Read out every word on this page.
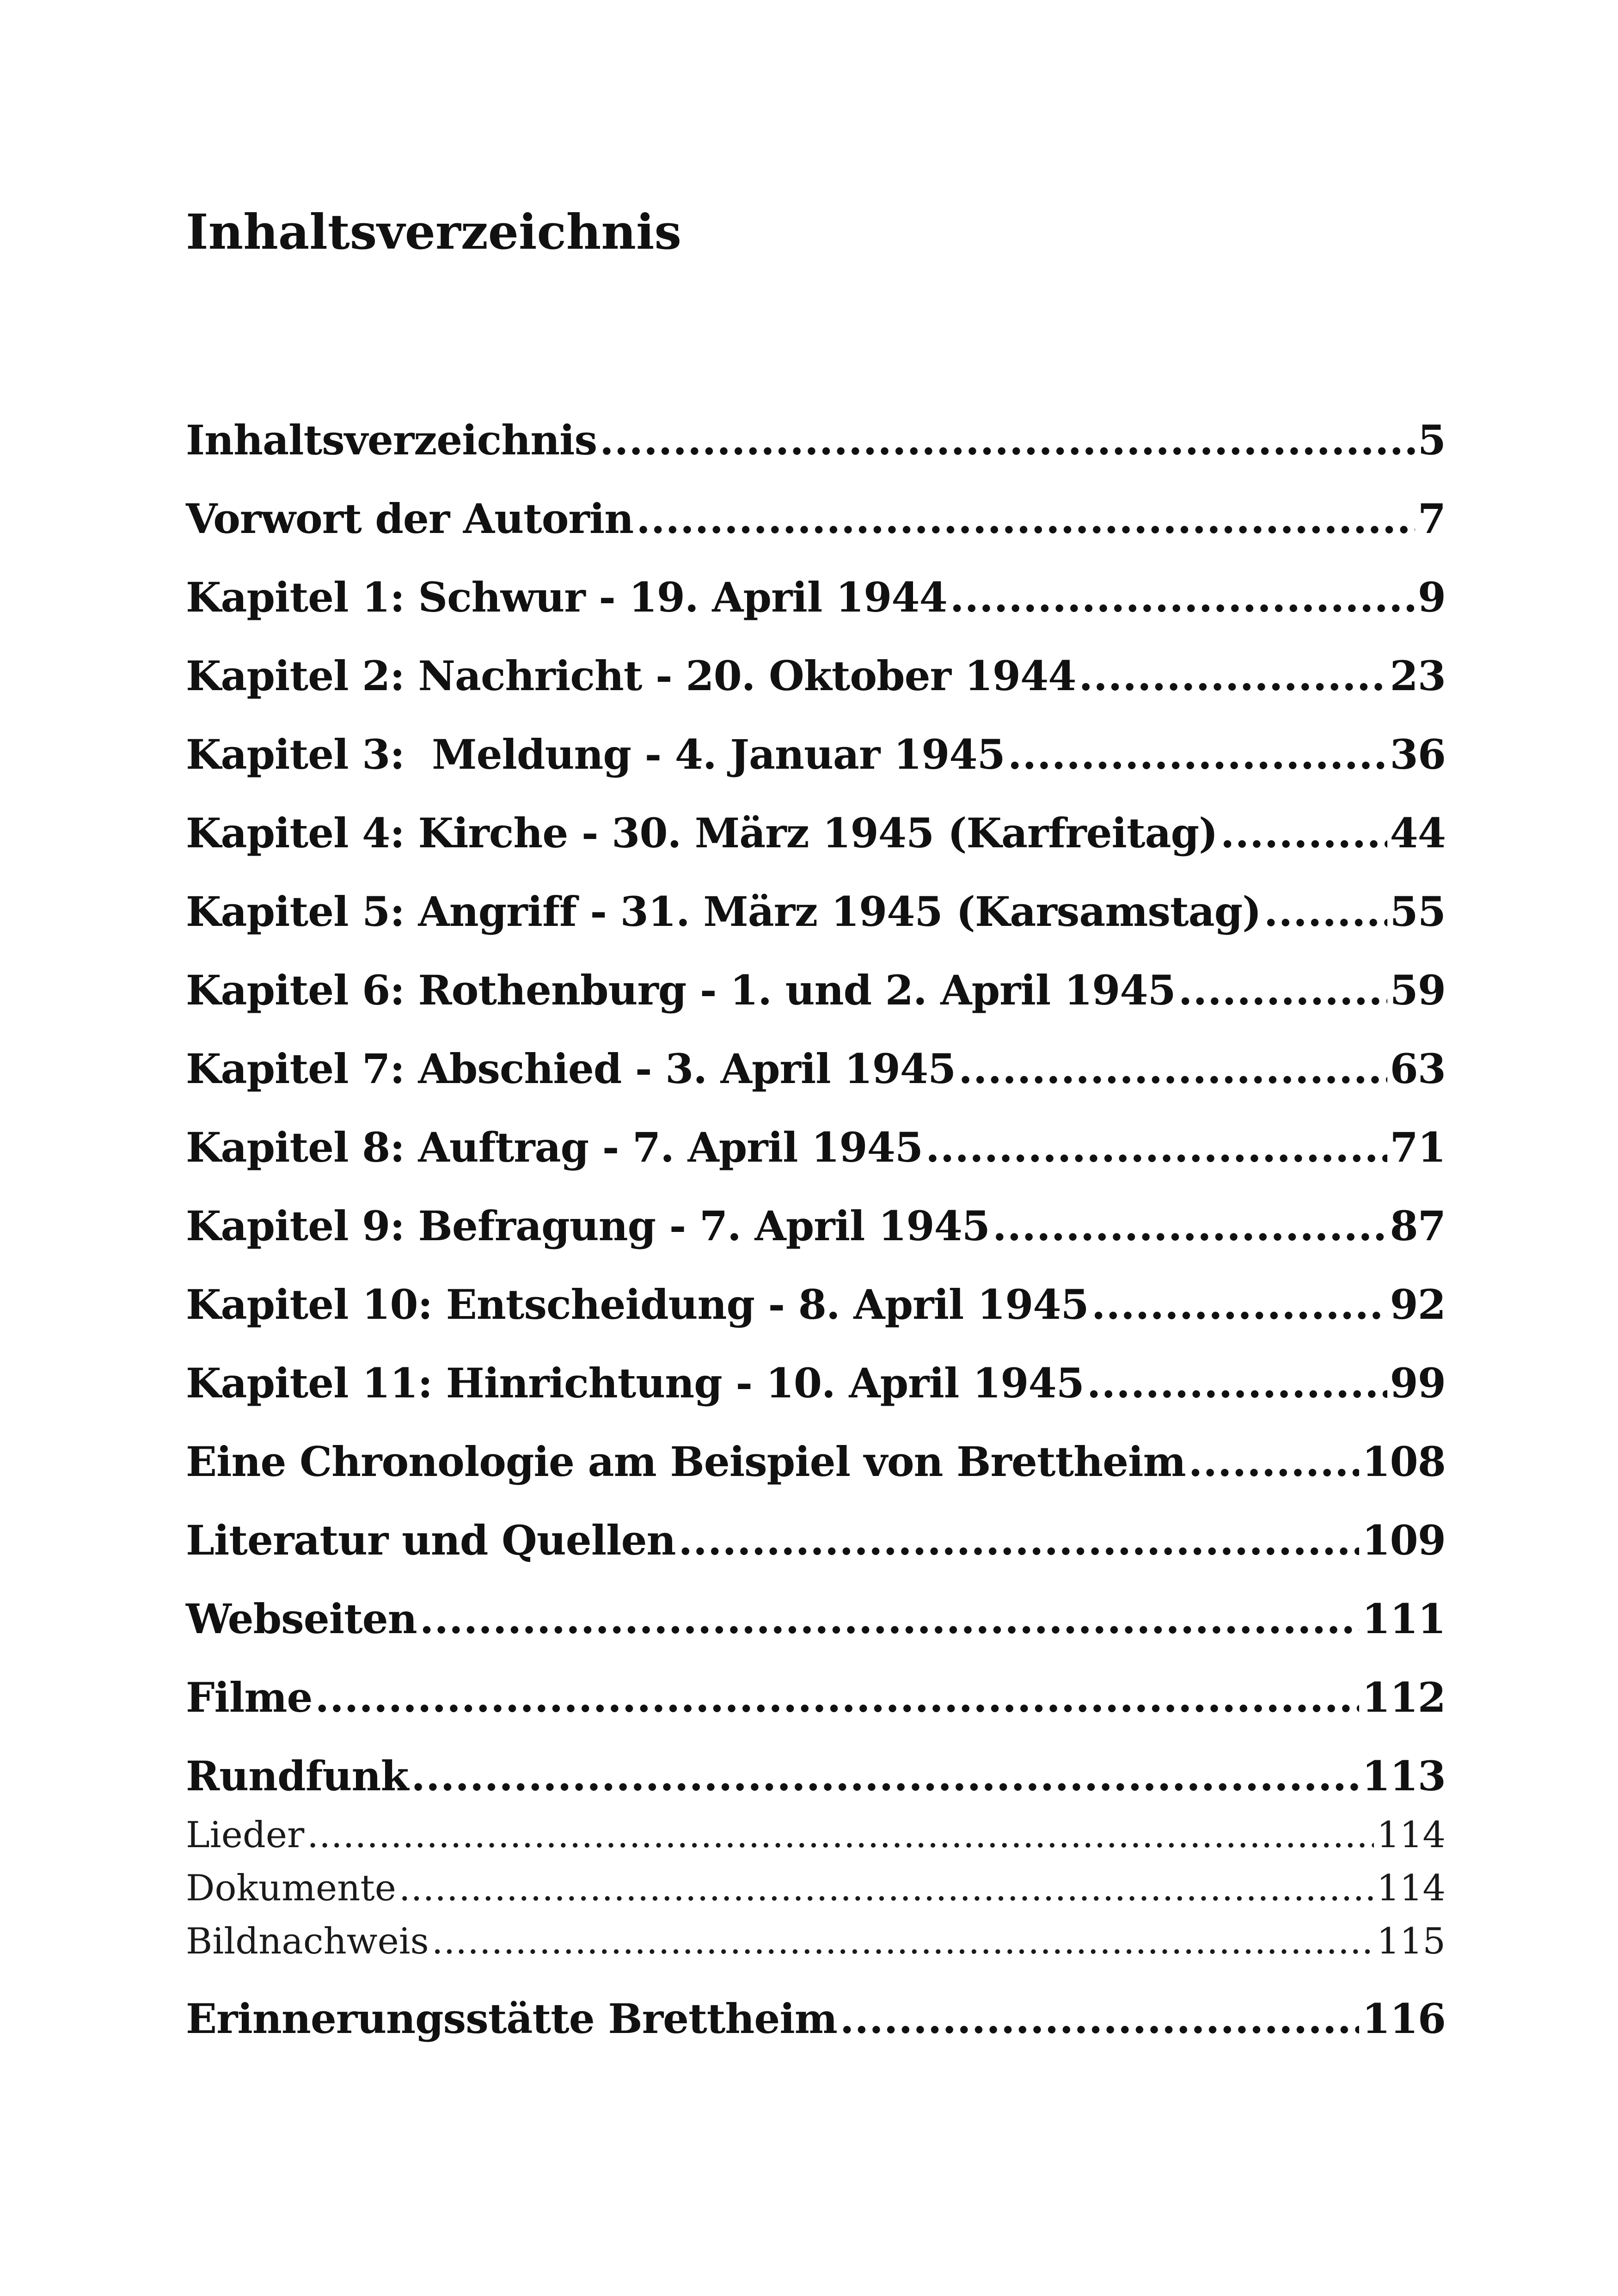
Inhaltsverzeichnis
Inhaltsverzeichnis .....	5
Vorwort der Autorin .....	7
Kapitel 1: Schwur - 19. April 1944 .....	9
Kapitel 2: Nachricht - 20. Oktober 1944 .....	23
Kapitel 3:  Meldung - 4. Januar 1945 .....	36
Kapitel 4: Kirche - 30. März 1945 (Karfreitag) .....	44
Kapitel 5: Angriff - 31. März 1945 (Karsamstag) .....	55
Kapitel 6: Rothenburg - 1. und 2. April 1945 .....	59
Kapitel 7: Abschied - 3. April 1945 .....	63
Kapitel 8: Auftrag - 7. April 1945 .....	71
Kapitel 9: Befragung - 7. April 1945 .....	87
Kapitel 10: Entscheidung - 8. April 1945 .....	92
Kapitel 11: Hinrichtung - 10. April 1945 .....	99
Eine Chronologie am Beispiel von Brettheim .....	108
Literatur und Quellen .....	109
Webseiten .....	111
Filme .....	112
Rundfunk .....	113
Lieder .....	114
Dokumente .....	114
Bildnachweis .....	115
Erinnerungsstätte Brettheim .....	116
